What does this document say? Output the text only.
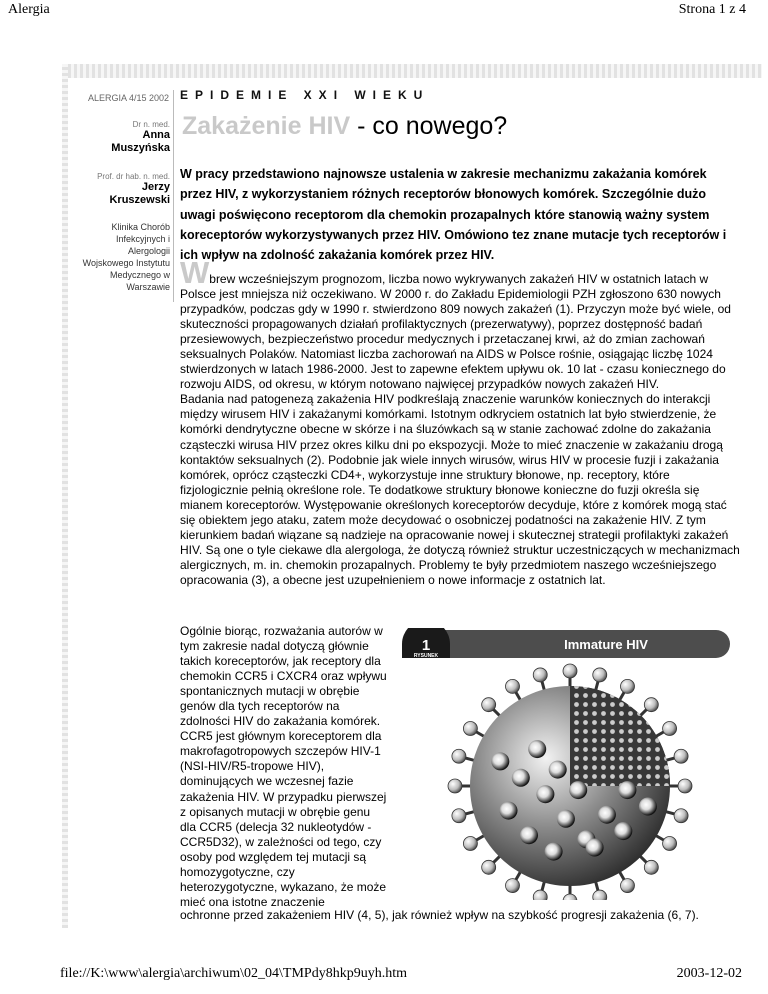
Alergia	Strona 1 z 4
ALERGIA 4/15 2002 EPIDEMIE XXI WIEKU
Zakażenie HIV - co nowego?
Dr n. med.
Anna
Muszyńska
Prof. dr hab. n. med.
Jerzy
Kruszewski
Klinika Chorób Infekcyjnych i Alergologii Wojskowego Instytutu Medycznego w Warszawie
W pracy przedstawiono najnowsze ustalenia w zakresie mechanizmu zakażania komórek przez HIV, z wykorzystaniem różnych receptorów błonowych komórek. Szczególnie dużo uwagi poświęcono receptorom dla chemokin prozapalnych które stanowią ważny system koreceptorów wykorzystywanych przez HIV. Omówiono tez znane mutacje tych receptorów i ich wpływ na zdolność zakażania komórek przez HIV.
Wbrew wcześniejszym prognozom, liczba nowo wykrywanych zakażeń HIV w ostatnich latach w Polsce jest mniejsza niż oczekiwano. W 2000 r. do Zakładu Epidemiologii PZH zgłoszono 630 nowych przypadków, podczas gdy w 1990 r. stwierdzono 809 nowych zakażeń (1). Przyczyn może być wiele, od skuteczności propagowanych działań profilaktycznych (prezerwatywy), poprzez dostępność badań przesiewowych, bezpieczeństwo procedur medycznych i przetaczanej krwi, aż do zmian zachowań seksualnych Polaków. Natomiast liczba zachorowań na AIDS w Polsce rośnie, osiągając liczbę 1024 stwierdzonych w latach 1986-2000. Jest to zapewne efektem upływu ok. 10 lat - czasu koniecznego do rozwoju AIDS, od okresu, w którym notowano najwięcej przypadków nowych zakażeń HIV.
Badania nad patogenezą zakażenia HIV podkreślają znaczenie warunków koniecznych do interakcji między wirusem HIV i zakażanymi komórkami. Istotnym odkryciem ostatnich lat było stwierdzenie, że komórki dendrytyczne obecne w skórze i na śluzówkach są w stanie zachować zdolne do zakażania cząsteczki wirusa HIV przez okres kilku dni po ekspozycji. Może to mieć znaczenie w zakażaniu drogą kontaktów seksualnych (2). Podobnie jak wiele innych wirusów, wirus HIV w procesie fuzji i zakażania komórek, oprócz cząsteczki CD4+, wykorzystuje inne struktury błonowe, np. receptory, które fizjologicznie pełnią określone role. Te dodatkowe struktury błonowe konieczne do fuzji określa się mianem koreceptorów. Występowanie określonych koreceptorów decyduje, które z komórek mogą stać się obiektem jego ataku, zatem może decydować o osobniczej podatności na zakażenie HIV. Z tym kierunkiem badań wiązane są nadzieje na opracowanie nowej i skutecznej strategii profilaktyki zakażeń HIV. Są one o tyle ciekawe dla alergologa, że dotyczą również struktur uczestniczących w mechanizmach alergicznych, m. in. chemokin prozapalnych. Problemy te były przedmiotem naszego wcześniejszego opracowania (3), a obecne jest uzupełnieniem o nowe informacje z ostatnich lat.
Ogólnie biorąc, rozważania autorów w tym zakresie nadal dotyczą głównie takich koreceptorów, jak receptory dla chemokin CCR5 i CXCR4 oraz wpływu spontanicznych mutacji w obrębie genów dla tych receptorów na zdolności HIV do zakażania komórek.
CCR5 jest głównym koreceptorem dla makrofagotropowych szczepów HIV-1 (NSI-HIV/R5-tropowe HIV), dominujących we wczesnej fazie zakażenia HIV. W przypadku pierwszej z opisanych mutacji w obrębie genu dla CCR5 (delecja 32 nukleotydów - CCR5D32), w zależności od tego, czy osoby pod względem tej mutacji są homozygotyczne, czy heterozygotyczne, wykazano, że może mieć ona istotne znaczenie
ochronne przed zakażeniem HIV (4, 5), jak również wpływ na szybkość progresji zakażenia (6, 7).
Immature HIV
1
RYSUNEK
file://K:\www\alergia\archiwum\02_04\TMPdy8hkp9uyh.htm	2003-12-02
